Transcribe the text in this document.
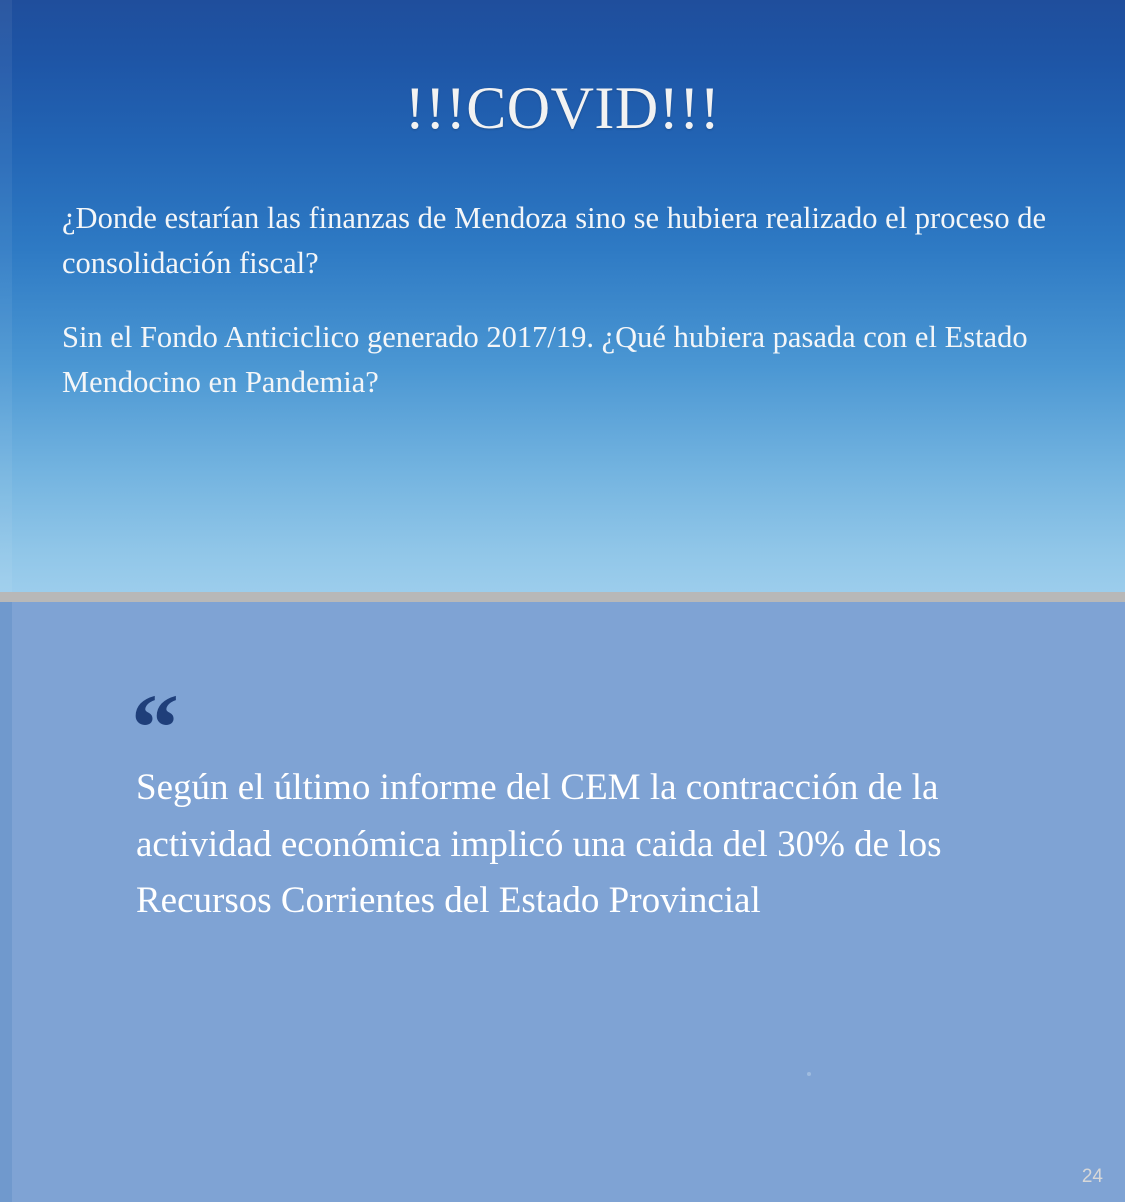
!!!COVID!!!

¿Donde estarían las finanzas de Mendoza sino se hubiera realizado el proceso de consolidación fiscal?

Sin el Fondo Anticiclico generado 2017/19. ¿Qué hubiera pasada con el Estado Mendocino en Pandemia?

“
Según el último informe del CEM la contracción de la actividad económica implicó una caida del 30% de los Recursos Corrientes del Estado Provincial
24
